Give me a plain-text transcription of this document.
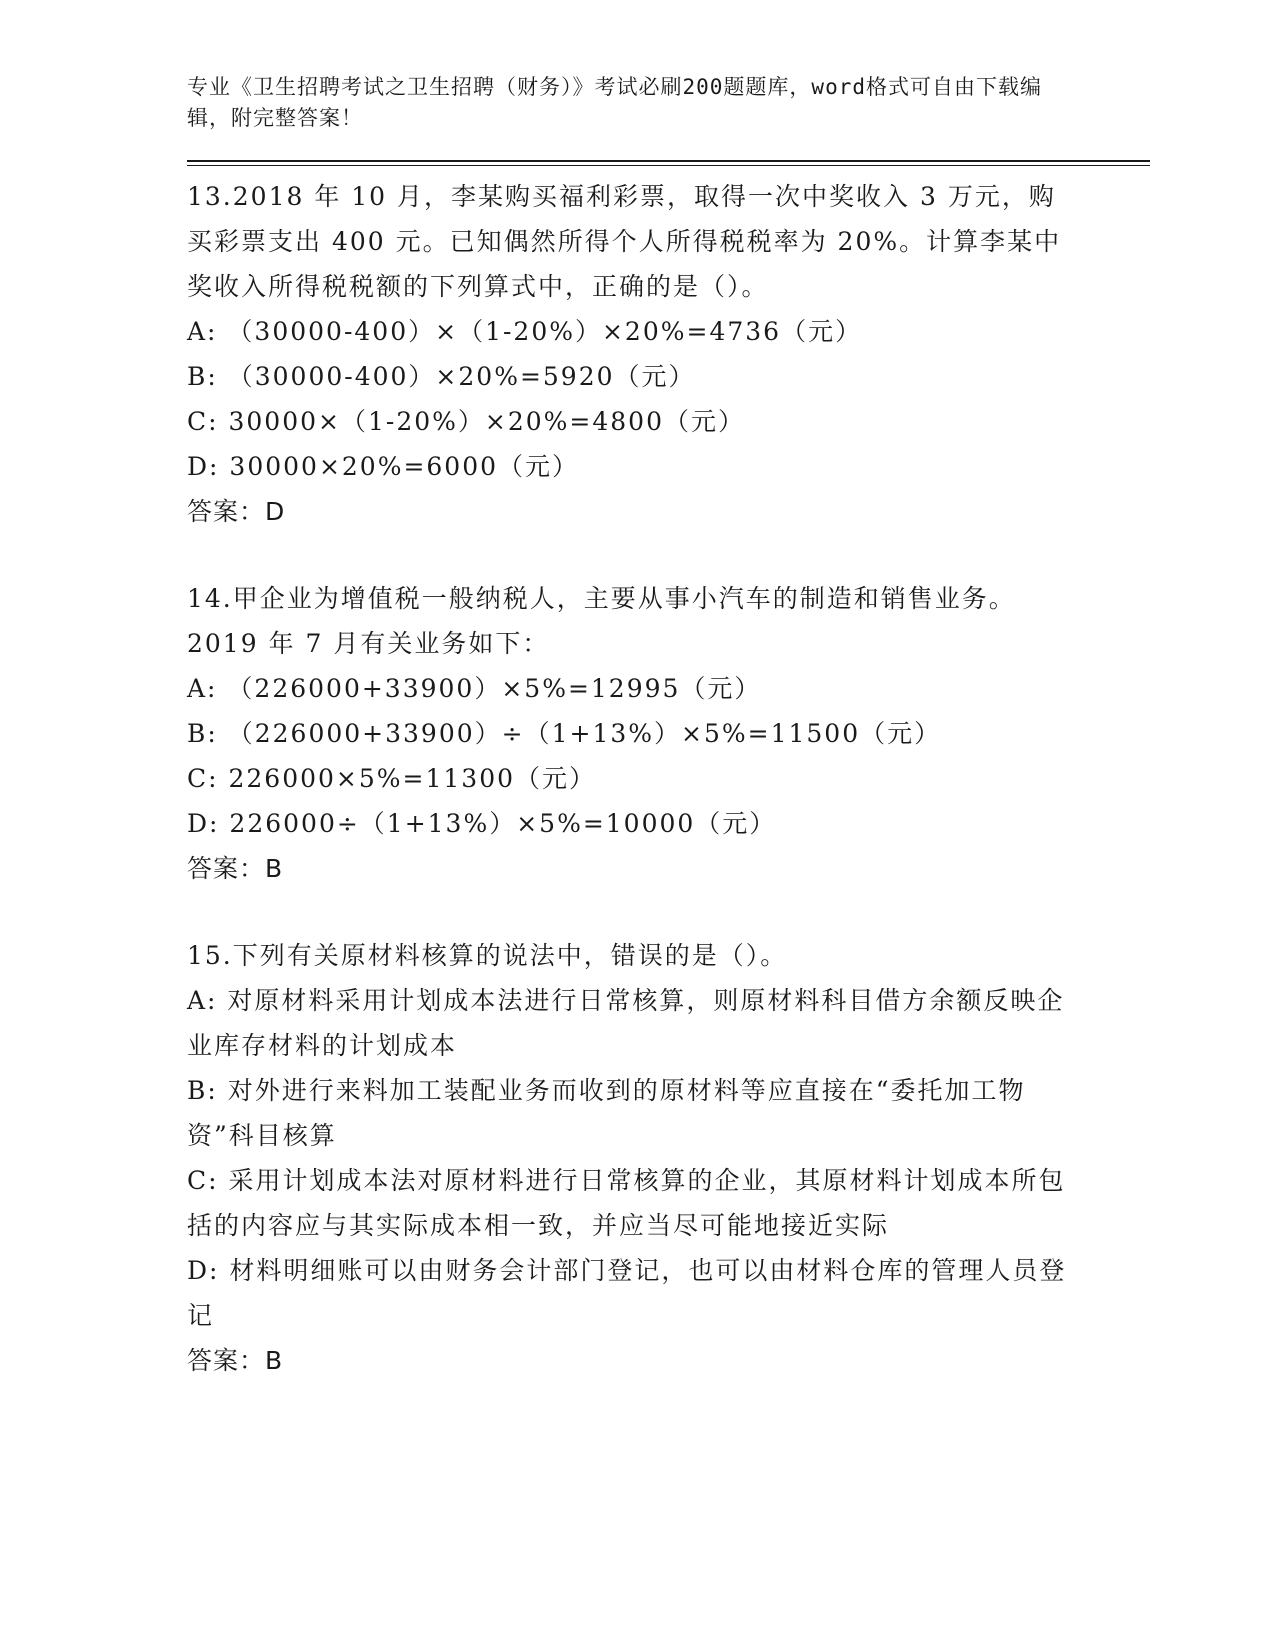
专业《卫生招聘考试之卫生招聘（财务）》考试必刷200题题库，word格式可自由下载编辑，附完整答案！
13.2018 年 10 月，李某购买福利彩票，取得一次中奖收入 3 万元，购买彩票支出 400 元。已知偶然所得个人所得税税率为 20%。计算李某中奖收入所得税税额的下列算式中，正确的是（）。
A: （30000-400）×（1-20%）×20%=4736（元）
B: （30000-400）×20%=5920（元）
C: 30000×（1-20%）×20%=4800（元）
D: 30000×20%=6000（元）
答案：D
14.甲企业为增值税一般纳税人，主要从事小汽车的制造和销售业务。2019 年 7 月有关业务如下：
A: （226000+33900）×5%=12995（元）
B: （226000+33900）÷（1+13%）×5%=11500（元）
C: 226000×5%=11300（元）
D: 226000÷（1+13%）×5%=10000（元）
答案：B
15.下列有关原材料核算的说法中，错误的是（）。
A: 对原材料采用计划成本法进行日常核算，则原材料科目借方余额反映企业库存材料的计划成本
B: 对外进行来料加工装配业务而收到的原材料等应直接在“委托加工物资”科目核算
C: 采用计划成本法对原材料进行日常核算的企业，其原材料计划成本所包括的内容应与其实际成本相一致，并应当尽可能地接近实际
D: 材料明细账可以由财务会计部门登记，也可以由材料仓库的管理人员登记
答案：B
